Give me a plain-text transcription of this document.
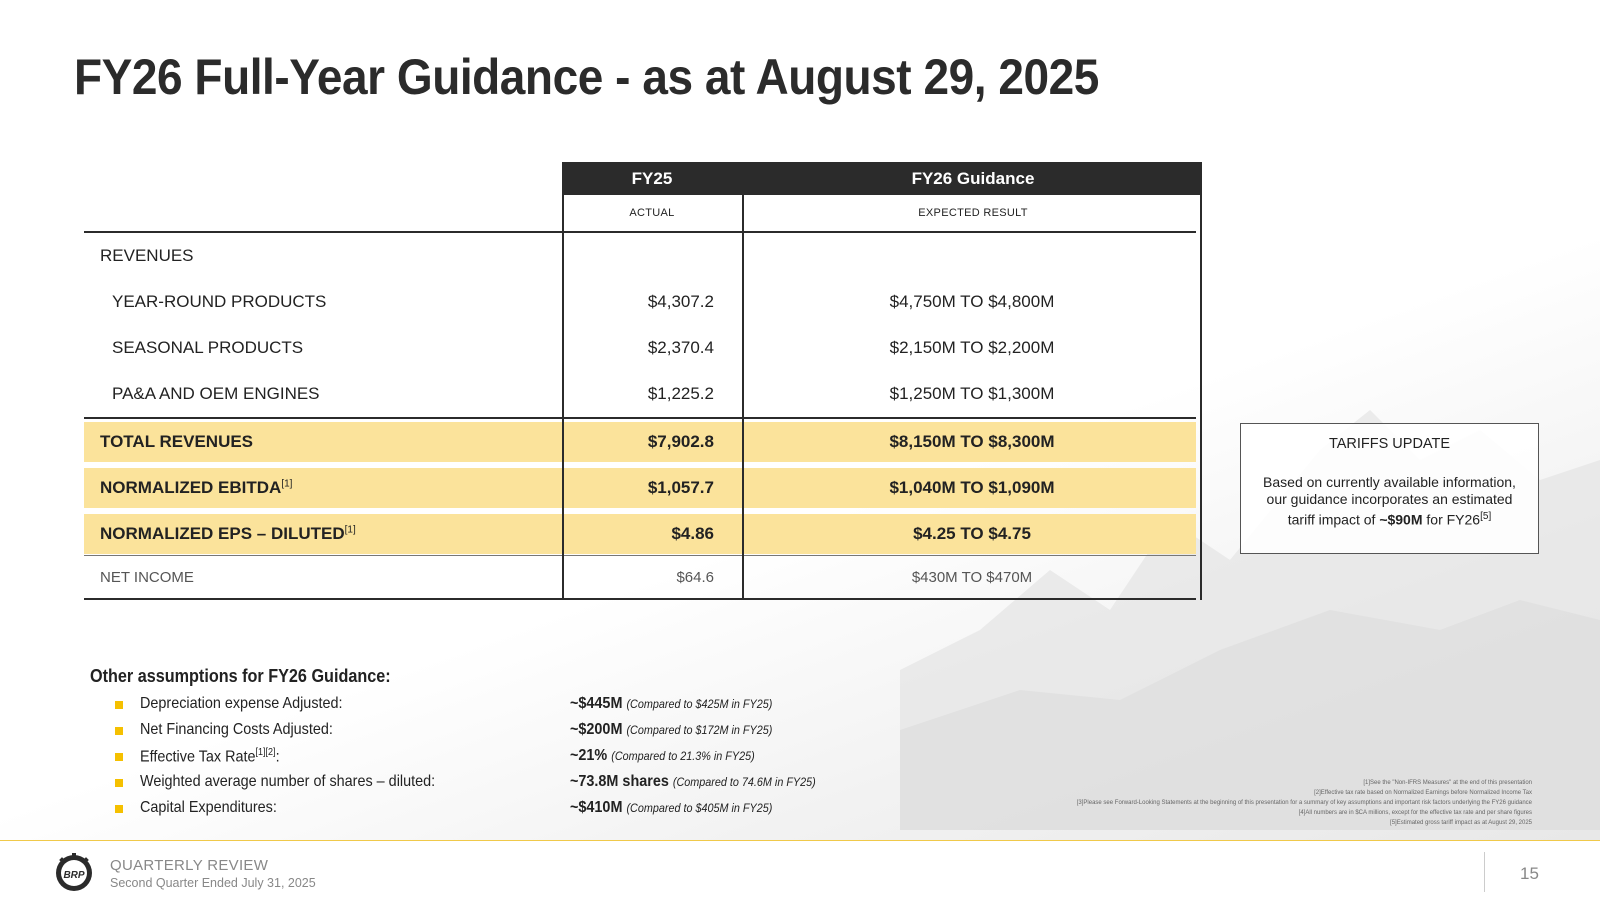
FY26 Full-Year Guidance - as at August 29, 2025
FY25	FY26 Guidance
ACTUAL	EXPECTED RESULT
REVENUES
YEAR-ROUND PRODUCTS	$4,307.2	$4,750M TO $4,800M
SEASONAL PRODUCTS	$2,370.4	$2,150M TO $2,200M
PA&A AND OEM ENGINES	$1,225.2	$1,250M TO $1,300M
TOTAL REVENUES	$7,902.8	$8,150M TO $8,300M
NORMALIZED EBITDA[1]	$1,057.7	$1,040M TO $1,090M
NORMALIZED EPS – DILUTED[1]	$4.86	$4.25 TO $4.75
NET INCOME	$64.6	$430M TO $470M
TARIFFS UPDATE
Based on currently available information, our guidance incorporates an estimated tariff impact of ~$90M for FY26[5]
Other assumptions for FY26 Guidance:
Depreciation expense Adjusted:	~$445M (Compared to $425M in FY25)
Net Financing Costs Adjusted:	~$200M (Compared to $172M in FY25)
Effective Tax Rate[1][2]:	~21% (Compared to 21.3% in FY25)
Weighted average number of shares – diluted:	~73.8M shares (Compared to 74.6M in FY25)
Capital Expenditures:	~$410M (Compared to $405M in FY25)
[1]See the "Non-IFRS Measures" at the end of this presentation
[2]Effective tax rate based on Normalized Earnings before Normalized Income Tax
[3]Please see Forward-Looking Statements at the beginning of this presentation for a summary of key assumptions and important risk factors underlying the FY26 guidance
[4]All numbers are in $CA millions, except for the effective tax rate and per share figures
[5]Estimated gross tariff impact as at August 29, 2025
BRP
QUARTERLY REVIEW
Second Quarter Ended July 31, 2025	15
